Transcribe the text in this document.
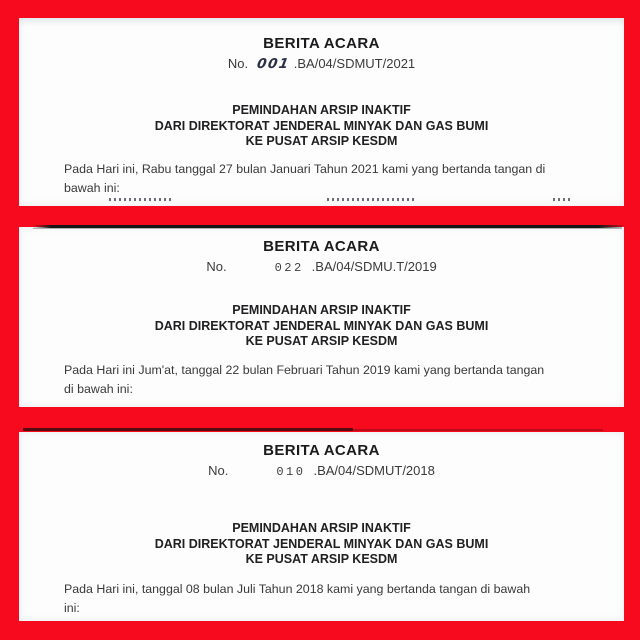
BERITA ACARA
No. 001 .BA/04/SDMUT/2021
PEMINDAHAN ARSIP INAKTIF
DARI DIREKTORAT JENDERAL MINYAK DAN GAS BUMI
KE PUSAT ARSIP KESDM
Pada Hari ini, Rabu tanggal 27 bulan Januari Tahun 2021 kami yang bertanda tangan di
bawah ini:
BERITA ACARA
No.	022 .BA/04/SDMU.T/2019
PEMINDAHAN ARSIP INAKTIF
DARI DIREKTORAT JENDERAL MINYAK DAN GAS BUMI
KE PUSAT ARSIP KESDM
Pada Hari ini Jum'at, tanggal 22 bulan Februari Tahun 2019 kami yang bertanda tangan
di bawah ini:
BERITA ACARA
No.	010 .BA/04/SDMUT/2018
PEMINDAHAN ARSIP INAKTIF
DARI DIREKTORAT JENDERAL MINYAK DAN GAS BUMI
KE PUSAT ARSIP KESDM
Pada Hari ini, tanggal 08 bulan Juli Tahun 2018 kami yang bertanda tangan di bawah
ini:
